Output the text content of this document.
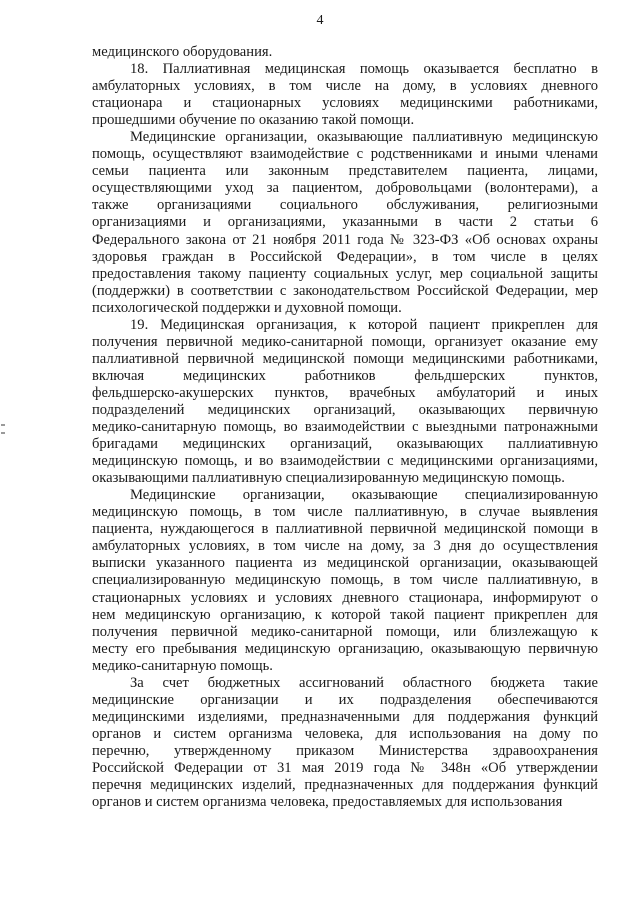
4
медицинского оборудования.
18. Паллиативная медицинская помощь оказывается бесплатно в
амбулаторных условиях, в том числе на дому, в условиях дневного
стационара и стационарных условиях медицинскими работниками,
прошедшими обучение по оказанию такой помощи.
Медицинские организации, оказывающие паллиативную медицинскую
помощь, осуществляют взаимодействие с родственниками и иными членами
семьи пациента или законным представителем пациента, лицами,
осуществляющими уход за пациентом, добровольцами (волонтерами), а
также организациями социального обслуживания, религиозными
организациями и организациями, указанными в части 2 статьи 6
Федерального закона от 21 ноября 2011 года № 323-ФЗ «Об основах охраны
здоровья граждан в Российской Федерации», в том числе в целях
предоставления такому пациенту социальных услуг, мер социальной защиты
(поддержки) в соответствии с законодательством Российской Федерации, мер
психологической поддержки и духовной помощи.
19. Медицинская организация, к которой пациент прикреплен для
получения первичной медико-санитарной помощи, организует оказание ему
паллиативной первичной медицинской помощи медицинскими работниками,
включая медицинских работников фельдшерских пунктов,
фельдшерско-акушерских пунктов, врачебных амбулаторий и иных
подразделений медицинских организаций, оказывающих первичную
медико-санитарную помощь, во взаимодействии с выездными патронажными
бригадами медицинских организаций, оказывающих паллиативную
медицинскую помощь, и во взаимодействии с медицинскими организациями,
оказывающими паллиативную специализированную медицинскую помощь.
Медицинские организации, оказывающие специализированную
медицинскую помощь, в том числе паллиативную, в случае выявления
пациента, нуждающегося в паллиативной первичной медицинской помощи в
амбулаторных условиях, в том числе на дому, за 3 дня до осуществления
выписки указанного пациента из медицинской организации, оказывающей
специализированную медицинскую помощь, в том числе паллиативную, в
стационарных условиях и условиях дневного стационара, информируют о
нем медицинскую организацию, к которой такой пациент прикреплен для
получения первичной медико-санитарной помощи, или близлежащую к
месту его пребывания медицинскую организацию, оказывающую первичную
медико-санитарную помощь.
За счет бюджетных ассигнований областного бюджета такие
медицинские организации и их подразделения обеспечиваются
медицинскими изделиями, предназначенными для поддержания функций
органов и систем организма человека, для использования на дому по
перечню, утвержденному приказом Министерства здравоохранения
Российской Федерации от 31 мая 2019 года № 348н «Об утверждении
перечня медицинских изделий, предназначенных для поддержания функций
органов и систем организма человека, предоставляемых для использования
